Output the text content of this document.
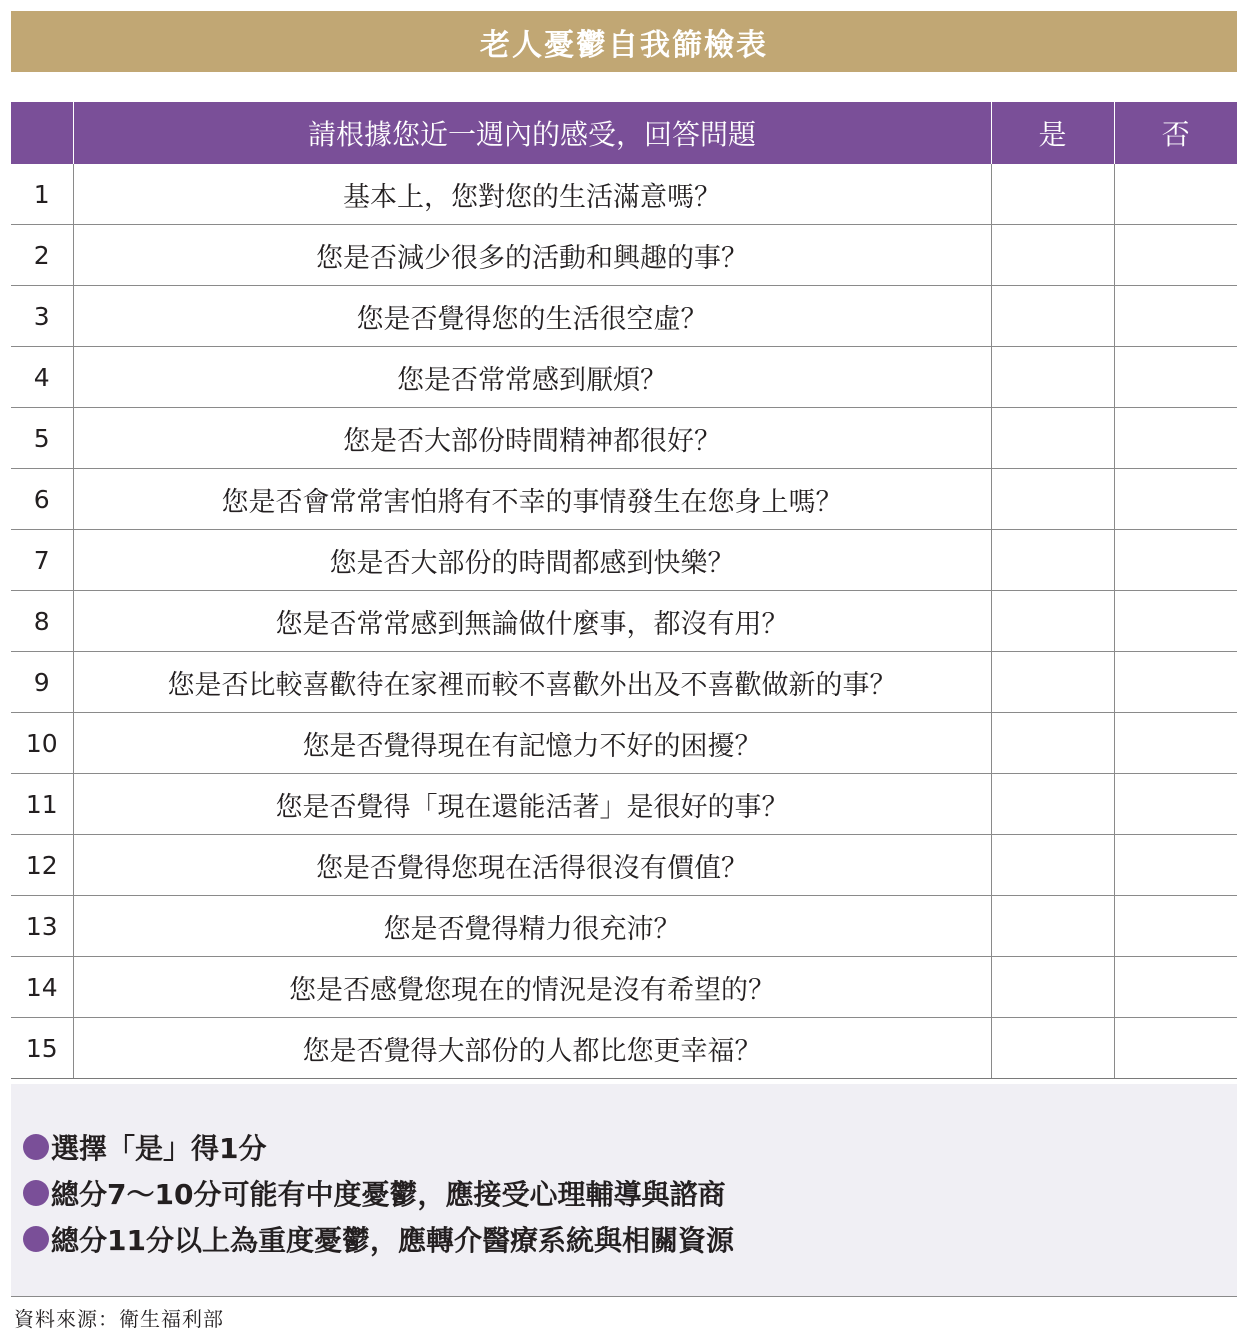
老人憂鬱自我篩檢表
	請根據您近一週內的感受，回答問題	是	否
1	基本上，您對您的生活滿意嗎？		
2	您是否減少很多的活動和興趣的事？		
3	您是否覺得您的生活很空虛？		
4	您是否常常感到厭煩？		
5	您是否大部份時間精神都很好？		
6	您是否會常常害怕將有不幸的事情發生在您身上嗎？		
7	您是否大部份的時間都感到快樂？		
8	您是否常常感到無論做什麼事，都沒有用？		
9	您是否比較喜歡待在家裡而較不喜歡外出及不喜歡做新的事？		
10	您是否覺得現在有記憶力不好的困擾？		
11	您是否覺得「現在還能活著」是很好的事？		
12	您是否覺得您現在活得很沒有價值？		
13	您是否覺得精力很充沛？		
14	您是否感覺您現在的情況是沒有希望的？		
15	您是否覺得大部份的人都比您更幸福？		
選擇「是」得1分
總分7～10分可能有中度憂鬱，應接受心理輔導與諮商
總分11分以上為重度憂鬱，應轉介醫療系統與相關資源
資料來源：衛生福利部
